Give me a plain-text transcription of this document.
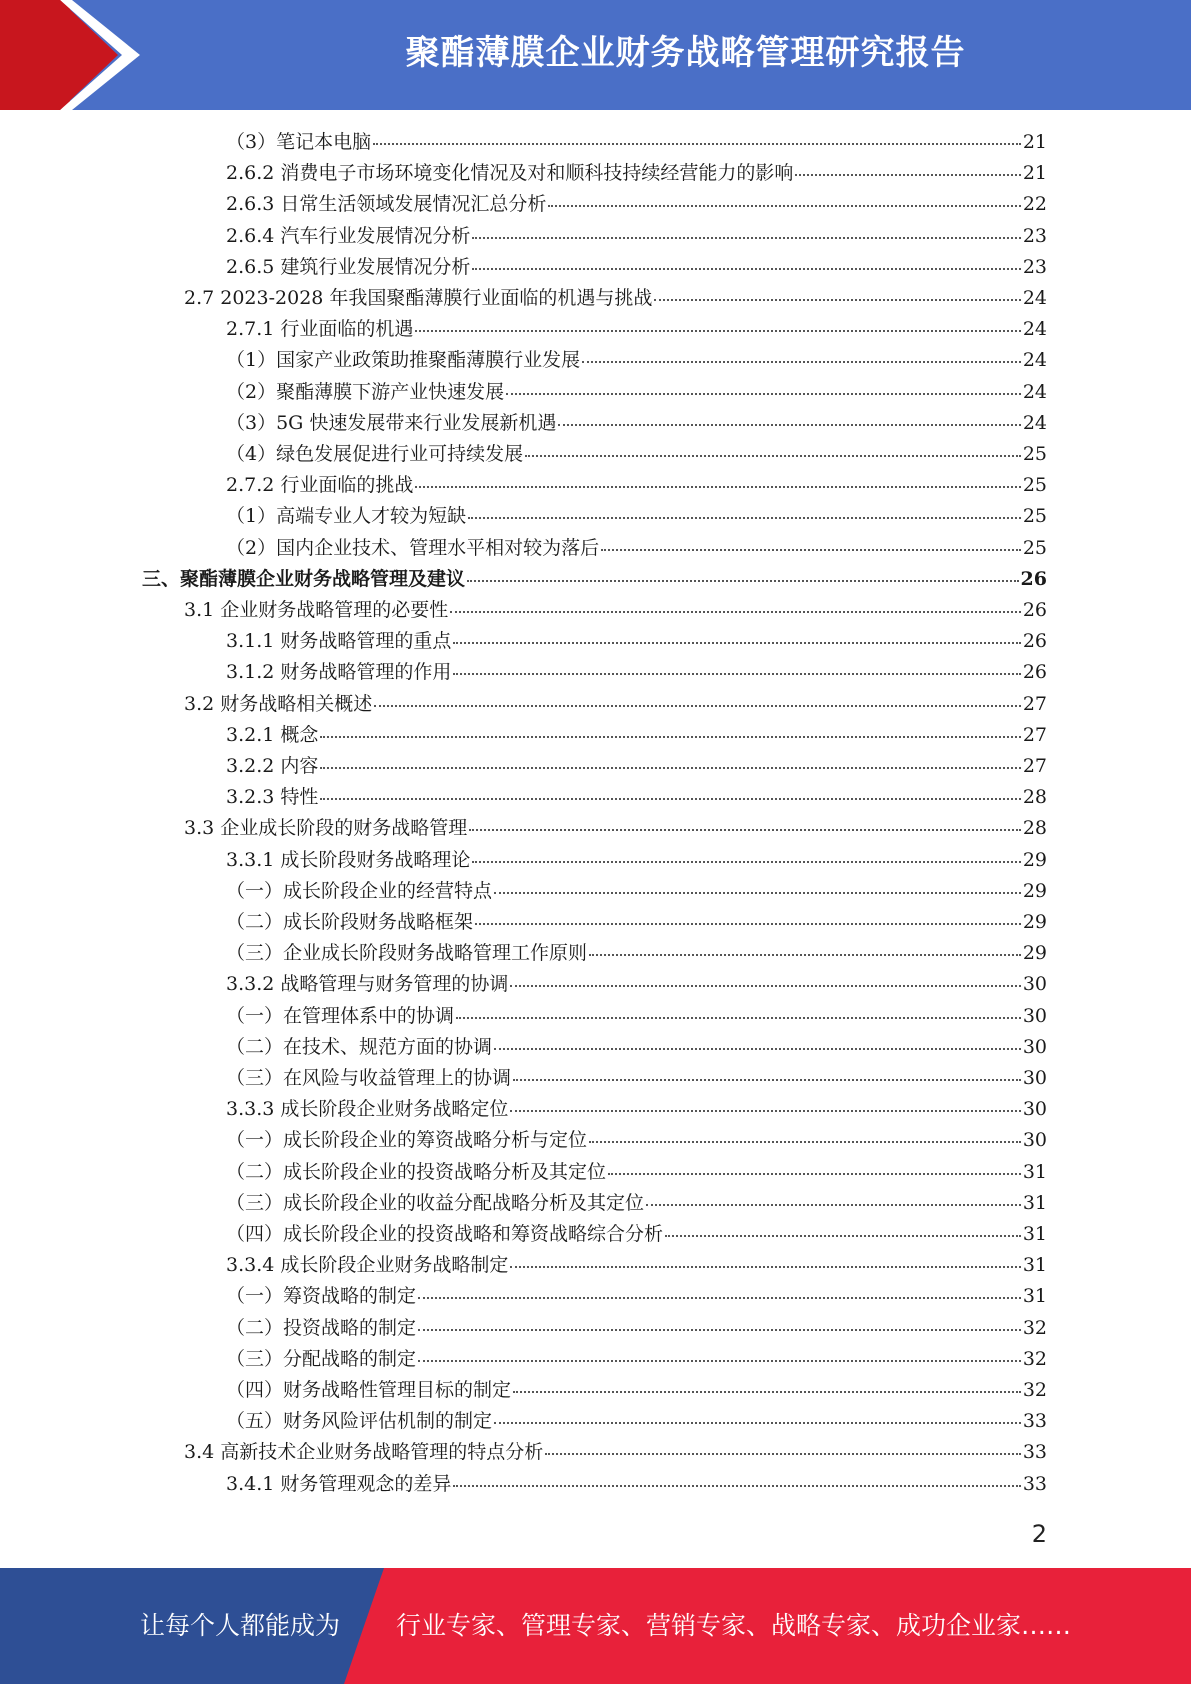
聚酯薄膜企业财务战略管理研究报告
（3）笔记本电脑	21
2.6.2 消费电子市场环境变化情况及对和顺科技持续经营能力的影响	21
2.6.3 日常生活领域发展情况汇总分析	22
2.6.4 汽车行业发展情况分析	23
2.6.5 建筑行业发展情况分析	23
2.7 2023-2028 年我国聚酯薄膜行业面临的机遇与挑战	24
2.7.1 行业面临的机遇	24
（1）国家产业政策助推聚酯薄膜行业发展	24
（2）聚酯薄膜下游产业快速发展	24
（3）5G 快速发展带来行业发展新机遇	24
（4）绿色发展促进行业可持续发展	25
2.7.2 行业面临的挑战	25
（1）高端专业人才较为短缺	25
（2）国内企业技术、管理水平相对较为落后	25
三、聚酯薄膜企业财务战略管理及建议	26
3.1 企业财务战略管理的必要性	26
3.1.1 财务战略管理的重点	26
3.1.2 财务战略管理的作用	26
3.2 财务战略相关概述	27
3.2.1 概念	27
3.2.2 内容	27
3.2.3 特性	28
3.3 企业成长阶段的财务战略管理	28
3.3.1 成长阶段财务战略理论	29
（一）成长阶段企业的经营特点	29
（二）成长阶段财务战略框架	29
（三）企业成长阶段财务战略管理工作原则	29
3.3.2 战略管理与财务管理的协调	30
（一）在管理体系中的协调	30
（二）在技术、规范方面的协调	30
（三）在风险与收益管理上的协调	30
3.3.3 成长阶段企业财务战略定位	30
（一）成长阶段企业的筹资战略分析与定位	30
（二）成长阶段企业的投资战略分析及其定位	31
（三）成长阶段企业的收益分配战略分析及其定位	31
（四）成长阶段企业的投资战略和筹资战略综合分析	31
3.3.4 成长阶段企业财务战略制定	31
（一）筹资战略的制定	31
（二）投资战略的制定	32
（三）分配战略的制定	32
（四）财务战略性管理目标的制定	32
（五）财务风险评估机制的制定	33
3.4 高新技术企业财务战略管理的特点分析	33
3.4.1 财务管理观念的差异	33
2
让每个人都能成为 行业专家、管理专家、营销专家、战略专家、成功企业家……
